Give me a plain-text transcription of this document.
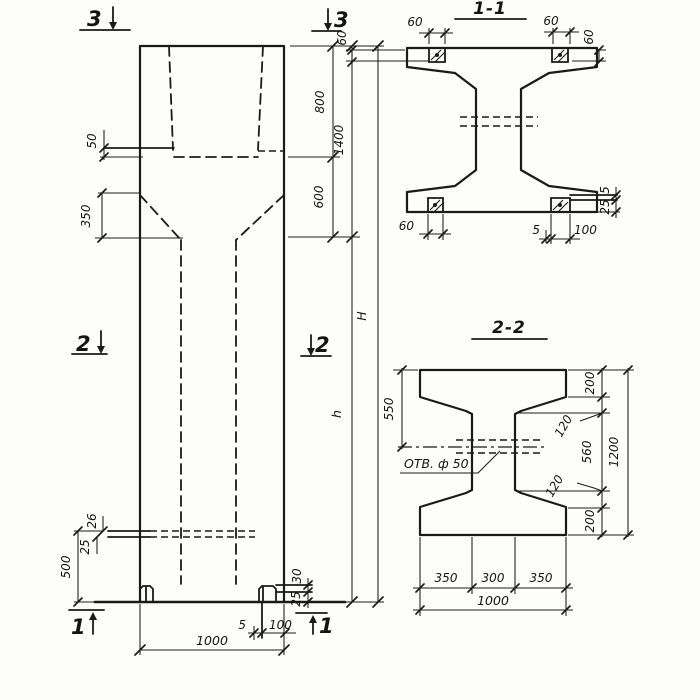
50
350
500
26
25
800
600
1400
h
H
1000
5 100
30
25
3	3
2	2
1	1
1-1
60	60
60	60
60	5	100
5
25
2-2
ОТВ. ф 50
550
200
120
560
120
200
1200
350 300 350
1000
